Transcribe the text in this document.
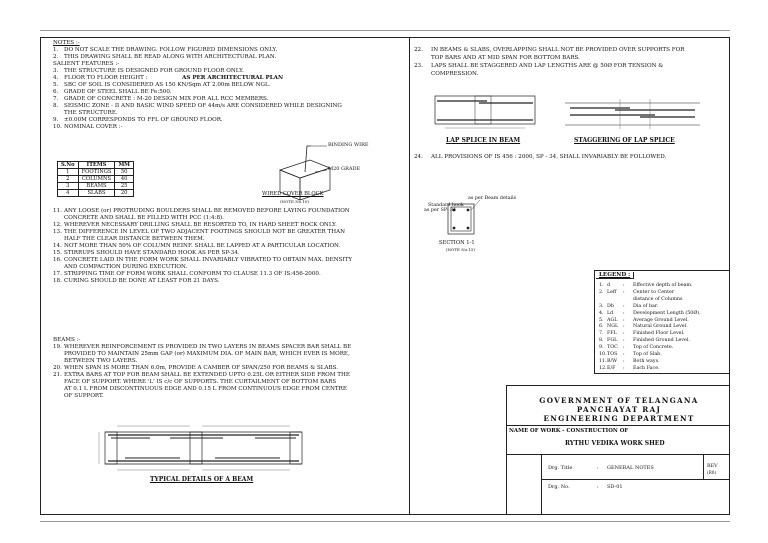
NOTES :-
1. DO NOT SCALE THE DRAWING. FOLLOW FIGURED DIMENSIONS ONLY.
2. THIS DRAWING SHALL BE READ ALONG WITH ARCHITECTURAL PLAN.
SALIENT FEATURES :-
3. THE STRUCTURE IS DESIGNED FOR GROUND FLOOR ONLY.
4. FLOOR TO FLOOR HEIGHT :	AS PER ARCHITECTURAL PLAN
5. SBC OF SOIL IS CONSIDERED AS 150 KN/Sqm AT 2.00m BELOW NGL.
6. GRADE OF STEEL SHALL BE Fe:500.
7. GRADE OF CONCRETE : M-20 DESIGN MIX FOR ALL RCC MEMBERS.
8. SEISMIC ZONE - II AND BASIC WIND SPEED OF 44m/s ARE CONSIDERED WHILE DESIGNING
THE STRUCTURE.
9. ±0.00M CORRESPONDS TO FFL OF GROUND FLOOR.
10. NOMINAL COVER :-
11. ANY LOOSE (or) PROTRUDING BOULDERS SHALL BE REMOVED BEFORE LAYING FOUNDATION
CONCRETE AND SHALL BE FILLED WITH PCC (1:4:8).
12. WHEREVER NECESSARY DRILLING SHALL BE RESORTED TO, IN HARD SHEET ROCK ONLY.
13. THE DIFFERENCE IN LEVEL OF TWO ADJACENT FOOTINGS SHOULD NOT BE GREATER THAN
HALF THE CLEAR DISTANCE BETWEEN THEM.
14. NOT MORE THAN 50% OF COLUMN REINF. SHALL BE LAPPED AT A PARTICULAR LOCATION.
15. STIRRUPS SHOULD HAVE STANDARD HOOK AS PER SP-34.
16. CONCRETE LAID IN THE FORM WORK SHALL INVARIABLY VIBRATED TO OBTAIN MAX. DENSITY
AND COMPACTION DURING EXECUTION.
17. STRIPPING TIME OF FORM WORK SHALL CONFORM TO CLAUSE 11.3 OF IS:456-2000.
18. CURING SHOULD BE DONE AT LEAST FOR 21 DAYS.
BEAMS :-
19. WHEREVER REINFORCEMENT IS PROVIDED IN TWO LAYERS IN BEAMS SPACER BAR SHALL BE
PROVIDED TO MAINTAIN 25mm GAP (or) MAXIMUM DIA. OF MAIN BAR, WHICH EVER IS MORE,
BETWEEN TWO LAYERS.
20. WHEN SPAN IS MORE THAN 6.0m, PROVIDE A CAMBER OF SPAN/250 FOR BEAMS & SLABS.
21. EXTRA BARS AT TOP FOR BEAM SHALL BE EXTENDED UPTO 0.25L OR EITHER SIDE FROM THE
FACE OF SUPPORT. WHERE 'L' IS c/c OF SUPPORTS. THE CURTAILMENT OF BOTTOM BARS
AT 0.1 L FROM DISCONTINUOUS EDGE AND 0.15 L FROM CONTINUOUS EDGE FROM CENTRE
OF SUPPORT.
S.No	ITEMS	MM
1	FOOTINGS	50
2	COLUMNS	40
3	BEAMS	25
4	SLABS	20
BINDING WIRE
M20 GRADE
WIRED COVER BLOCK
(NOTE No.10)
TYPICAL DETAILS OF A BEAM
22. IN BEAMS & SLABS, OVERLAPPING SHALL NOT BE PROVIDED OVER SUPPORTS FOR
TOP BARS AND AT MID SPAN FOR BOTTOM BARS.
23. LAPS SHALL BE STAGGERED AND LAP LENGTHS ARE @ 50Ø FOR TENSION &
COMPRESSION.
LAP SPLICE IN BEAM	STAGGERING OF LAP SPLICE
24. ALL PROVISIONS OF IS 456 : 2000, SP - 34, SHALL INVARIABLY BE FOLLOWED.
as per Beam details
Standard hook
as per SP- 34
SECTION 1-1
(NOTE No.15)
LEGEND :
1. d	: Effective depth of beam.
2. Leff : Center to Center
distance of Columns
3. Db : Dia of bar.
4. Ld : Development Length (50Ø).
5. AGL : Average Ground Level.
6. NGL : Natural Ground Level.
7. FFL : Finished Floor Level.
8. FGL : Finished Ground Level.
9. TOC : Top of Concrete.
10.TOS : Top of Slab.
11.B/W : Both ways.
12.E/F : Each Face.
GOVERNMENT OF TELANGANA
PANCHAYAT RAJ
ENGINEERING DEPARTMENT
NAME OF WORK - CONSTRUCTION OF
RYTHU VEDIKA WORK SHED
Drg. Title	: GENERAL NOTES	REV
(R0)
Drg. No.	: SD-01
